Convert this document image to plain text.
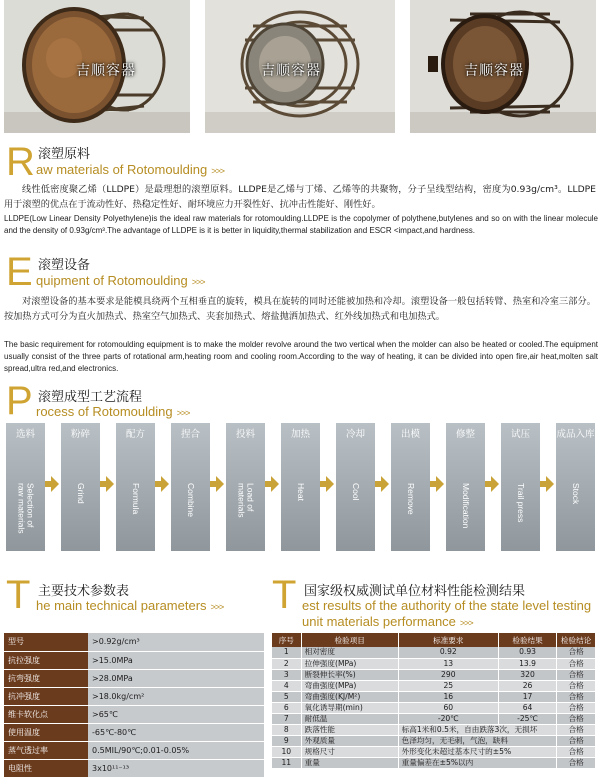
吉顺容器	吉顺容器	吉顺容器
R 滚塑原料
aw materials of Rotomoulding >>>
线性低密度聚乙烯（LLDPE）是最理想的滚塑原料。LLDPE是乙烯与丁烯、乙烯等的共聚物，分子呈线型结构，密度为0.93g/cm³。LLDPE用于滚塑的优点在于流动性好、热稳定性好、耐环境应力开裂性好、抗冲击性能好、刚性好。
LLDPE(Low Linear Density Polyethylene)is the ideal raw materials for rotomoulding.LLDPE is the copolymer of polythene,butylenes and so on with the linear molecule and the density of 0.93g/cm³.The advantage of LLDPE is it is better in liquidity,thermal stabilization and ESCR <impact,and hardness.
E 滚塑设备
quipment of Rotomoulding >>>
对滚塑设备的基本要求是能模具绕两个互相垂直的旋转，模具在旋转的同时还能被加热和冷却。滚塑设备一般包括转臂、热室和冷室三部分。按加热方式可分为直火加热式、热室空气加热式、夹套加热式、熔盐抛洒加热式、红外线加热式和电加热式。
The basic requirement for rotomoulding equipment is to make the molder revolve around the two vertical when the molder can also be heated or cooled.The equipment usually consist of the three parts of rotational arm,heating room and cooling room.According to the way of heating, it can be divided into open fire,air heat,molten salt spread,ultra red,and electronics.
P 滚塑成型工艺流程
rocess of Rotomoulding >>>
选料
Selection of
raw materials
粉碎
Grind
配方
Formula
捏合
Combine
投料
Load of
materials
加热
Heat
冷却
Cool
出模
Remove
修整
Modification
试压
Trail press
成品入库
Stock
T 主要技术参数表
he main technical parameters >>>
型号	>0.92g/cm³
抗拉强度	>15.0MPa
抗弯强度	>28.0MPa
抗冲强度	>18.0kg/cm²
维卡软化点	>65℃
使用温度	-65℃-80℃
蒸气透过率	0.5MIL/90℃;0.01-0.05%
电阻性	3x10¹¹⁻¹³
T 国家级权威测试单位材料性能检测结果
est results of the authority of the state level testing
unit materials performance >>>
序号	检验项目	标准要求	检验结果	检验结论
1	相对密度	0.92	0.93	合格
2	拉伸强度(MPa)	13	13.9	合格
3	断裂伸长率(%)	290	320	合格
4	弯曲强度(MPa)	25	26	合格
5	弯曲强度(KJ/M²)	16	17	合格
6	氧化诱导期(min)	60	64	合格
7	耐低温	-20℃	-25℃	合格
8	跌落性能	标高1米和0.5米，自由跌落3次，无损坏		合格
9	外观质量	色泽均匀，无毛刺，气泡，缺料		合格
10	规格尺寸	外形变化未超过基本尺寸的±5%		合格
11	重量	重量偏差在±5%以内		合格
